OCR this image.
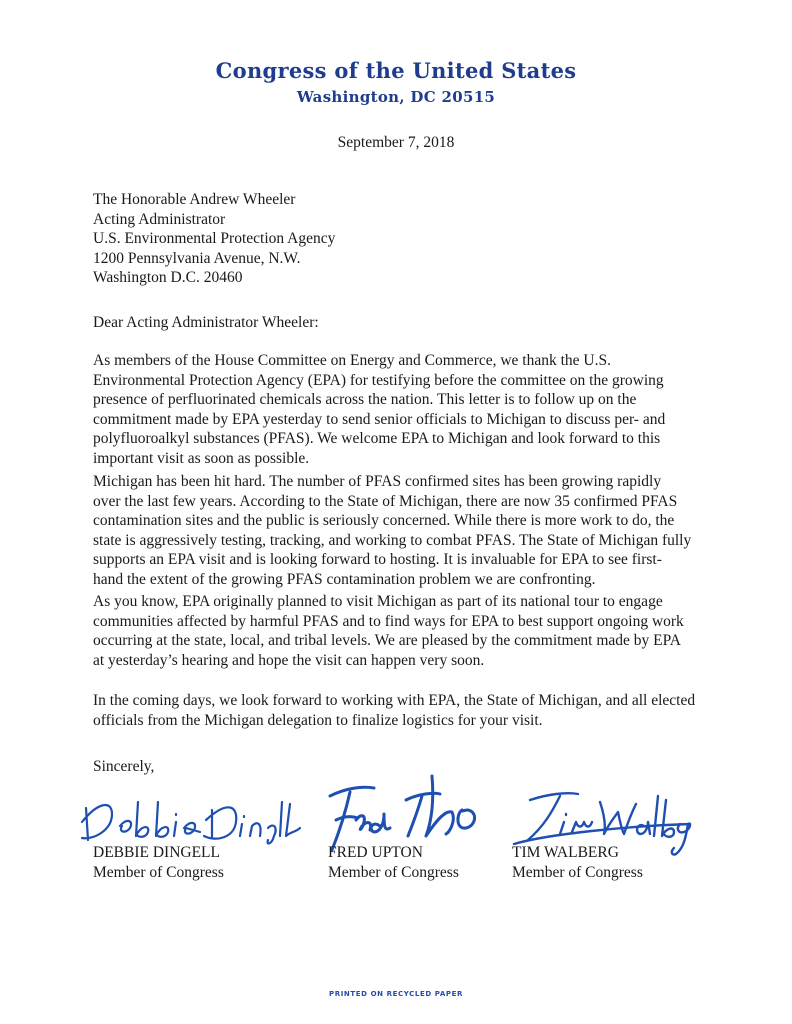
Congress of the United States
Washington, DC 20515
September 7, 2018
The Honorable Andrew Wheeler
Acting Administrator
U.S. Environmental Protection Agency
1200 Pennsylvania Avenue, N.W.
Washington D.C. 20460
Dear Acting Administrator Wheeler:
As members of the House Committee on Energy and Commerce, we thank the U.S.
Environmental Protection Agency (EPA) for testifying before the committee on the growing
presence of perfluorinated chemicals across the nation. This letter is to follow up on the
commitment made by EPA yesterday to send senior officials to Michigan to discuss per- and
polyfluoroalkyl substances (PFAS). We welcome EPA to Michigan and look forward to this
important visit as soon as possible.
Michigan has been hit hard. The number of PFAS confirmed sites has been growing rapidly
over the last few years. According to the State of Michigan, there are now 35 confirmed PFAS
contamination sites and the public is seriously concerned. While there is more work to do, the
state is aggressively testing, tracking, and working to combat PFAS. The State of Michigan fully
supports an EPA visit and is looking forward to hosting. It is invaluable for EPA to see first-
hand the extent of the growing PFAS contamination problem we are confronting.
As you know, EPA originally planned to visit Michigan as part of its national tour to engage
communities affected by harmful PFAS and to find ways for EPA to best support ongoing work
occurring at the state, local, and tribal levels. We are pleased by the commitment made by EPA
at yesterday’s hearing and hope the visit can happen very soon.
In the coming days, we look forward to working with EPA, the State of Michigan, and all elected
officials from the Michigan delegation to finalize logistics for your visit.
Sincerely,
DEBBIE DINGELL
Member of Congress
FRED UPTON
Member of Congress
TIM WALBERG
Member of Congress
PRINTED ON RECYCLED PAPER
